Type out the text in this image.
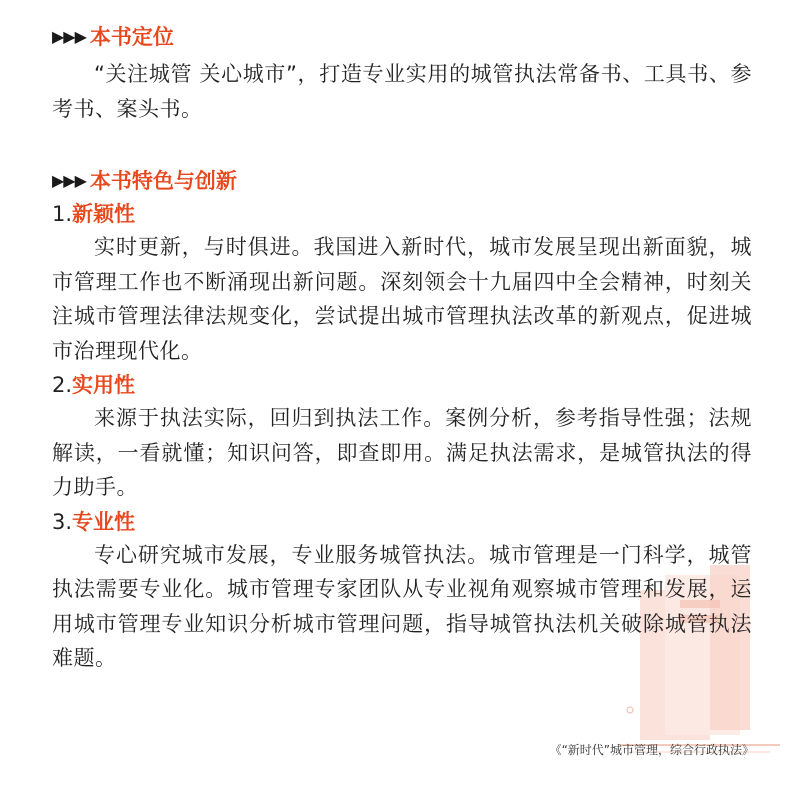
▶▶▶ 本书定位
“关注城管 关心城市”，打造专业实用的城管执法常备书、工具书、参考书、案头书。
▶▶▶ 本书特色与创新
1. 新颖性
实时更新，与时俱进。我国进入新时代，城市发展呈现出新面貌，城市管理工作也不断涌现出新问题。深刻领会十九届四中全会精神，时刻关注城市管理法律法规变化，尝试提出城市管理执法改革的新观点，促进城市治理现代化。
2. 实用性
来源于执法实际，回归到执法工作。案例分析，参考指导性强；法规解读，一看就懂；知识问答，即查即用。满足执法需求，是城管执法的得力助手。
3. 专业性
专心研究城市发展，专业服务城管执法。城市管理是一门科学，城管执法需要专业化。城市管理专家团队从专业视角观察城市管理和发展，运用城市管理专业知识分析城市管理问题，指导城管执法机关破除城管执法难题。
《“新时代”城市管理，综合行政执法》
